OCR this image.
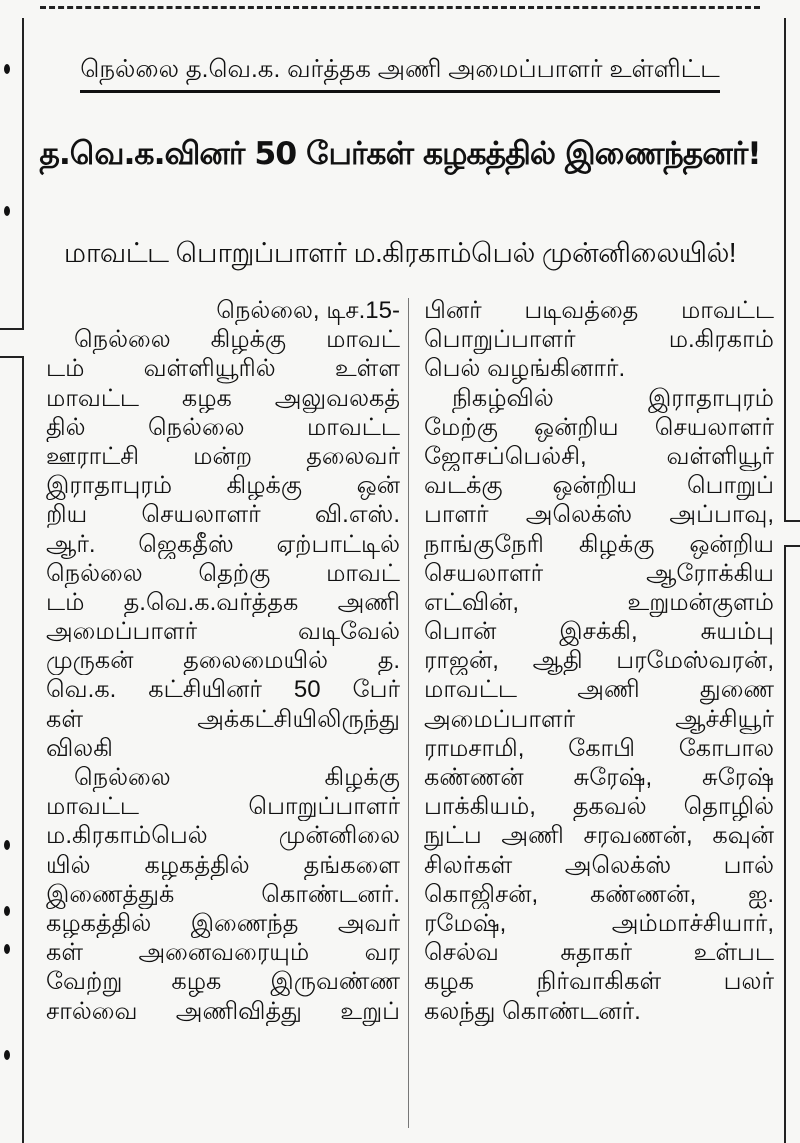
நெல்லை த.வெ.க. வர்த்தக அணி அமைப்பாளர் உள்ளிட்ட
த.வெ.க.வினர் 50 பேர்கள் கழகத்தில் இணைந்தனர்!
மாவட்ட பொறுப்பாளர் ம.கிரகாம்பெல் முன்னிலையில்!
நெல்லை, டிச.15-
நெல்லை கிழக்கு மாவட்
டம் வள்ளியூரில் உள்ள
மாவட்ட கழக அலுவலகத்
தில் நெல்லை மாவட்ட
ஊராட்சி மன்ற தலைவர்
இராதாபுரம் கிழக்கு ஒன்
றிய செயலாளர் வி.எஸ்.
ஆர். ஜெகதீஸ் ஏற்பாட்டில்
நெல்லை தெற்கு மாவட்
டம் த.வெ.க.வர்த்தக அணி
அமைப்பாளர் வடிவேல்
முருகன் தலைமையில் த.
வெ.க. கட்சியினர் 50 பேர்
கள் அக்கட்சியிலிருந்து
விலகி
நெல்லை கிழக்கு
மாவட்ட பொறுப்பாளர்
ம.கிரகாம்பெல் முன்னிலை
யில் கழகத்தில் தங்களை
இணைத்துக் கொண்டனர்.
கழகத்தில் இணைந்த அவர்
கள் அனைவரையும் வர
வேற்று கழக இருவண்ண
சால்வை அணிவித்து உறுப்
பினர் படிவத்தை மாவட்ட
பொறுப்பாளர் ம.கிரகாம்
பெல் வழங்கினார்.
நிகழ்வில் இராதாபுரம்
மேற்கு ஒன்றிய செயலாளர்
ஜோசப்பெல்சி, வள்ளியூர்
வடக்கு ஒன்றிய பொறுப்
பாளர் அலெக்ஸ் அப்பாவு,
நாங்குநேரி கிழக்கு ஒன்றிய
செயலாளர் ஆரோக்கிய
எட்வின், உறுமன்குளம்
பொன் இசக்கி, சுயம்பு
ராஜன், ஆதி பரமேஸ்வரன்,
மாவட்ட அணி துணை
அமைப்பாளர் ஆச்சியூர்
ராமசாமி, கோபி கோபால
கண்ணன் சுரேஷ், சுரேஷ்
பாக்கியம், தகவல் தொழில்
நுட்ப அணி சரவணன், கவுன்
சிலர்கள் அலெக்ஸ் பால்
கொஜிசன், கண்ணன், ஐ.
ரமேஷ், அம்மாச்சியார்,
செல்வ சுதாகர் உள்பட
கழக நிர்வாகிகள் பலர்
கலந்து கொண்டனர்.
